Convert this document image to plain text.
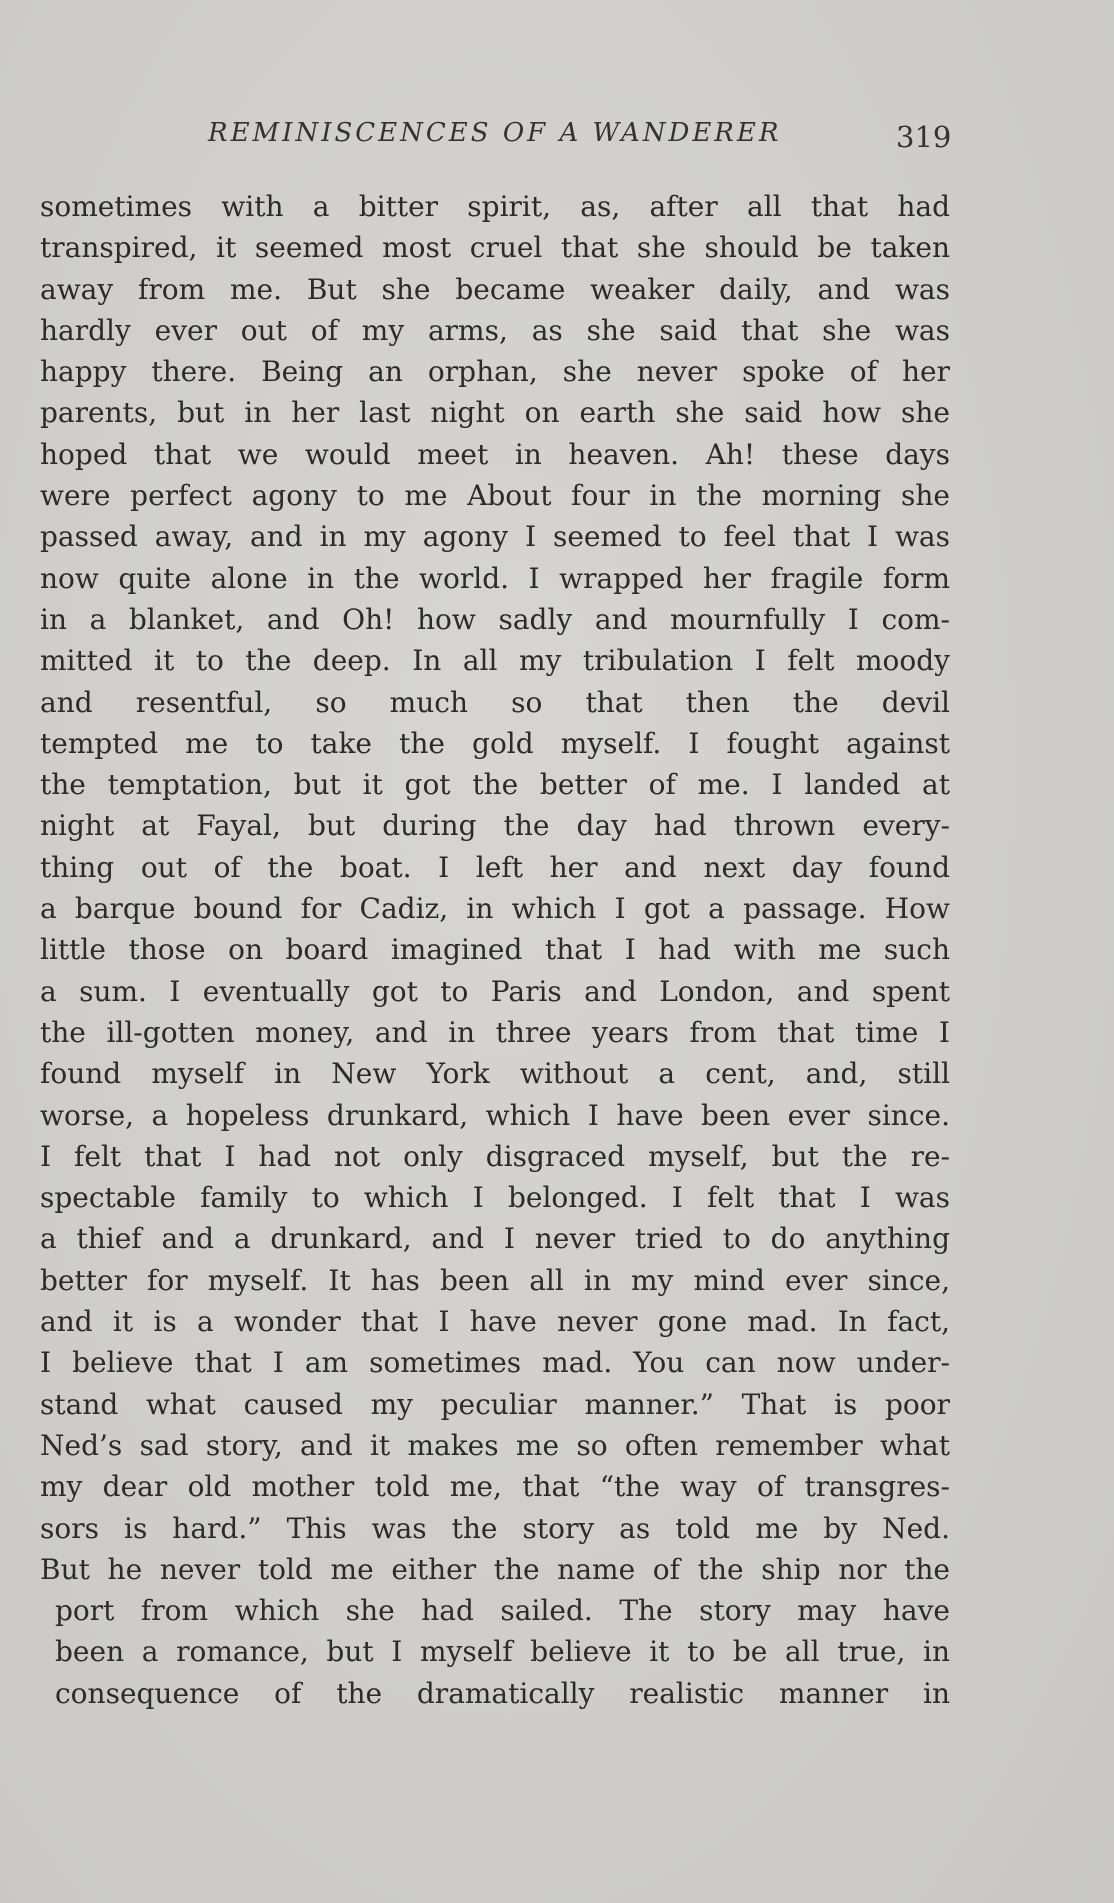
REMINISCENCES OF A WANDERER	319
sometimes with a bitter spirit, as, after all that had
transpired, it seemed most cruel that she should be taken
away from me. But she became weaker daily, and was
hardly ever out of my arms, as she said that she was
happy there. Being an orphan, she never spoke of her
parents, but in her last night on earth she said how she
hoped that we would meet in heaven. Ah! these days
were perfect agony to me About four in the morning she
passed away, and in my agony I seemed to feel that I was
now quite alone in the world. I wrapped her fragile form
in a blanket, and Oh! how sadly and mournfully I com-
mitted it to the deep. In all my tribulation I felt moody
and resentful, so much so that then the devil
tempted me to take the gold myself. I fought against
the temptation, but it got the better of me. I landed at
night at Fayal, but during the day had thrown every-
thing out of the boat. I left her and next day found
a barque bound for Cadiz, in which I got a passage. How
little those on board imagined that I had with me such
a sum. I eventually got to Paris and London, and spent
the ill-gotten money, and in three years from that time I
found myself in New York without a cent, and, still
worse, a hopeless drunkard, which I have been ever since.
I felt that I had not only disgraced myself, but the re-
spectable family to which I belonged. I felt that I was
a thief and a drunkard, and I never tried to do anything
better for myself. It has been all in my mind ever since,
and it is a wonder that I have never gone mad. In fact,
I believe that I am sometimes mad. You can now under-
stand what caused my peculiar manner.” That is poor
Ned’s sad story, and it makes me so often remember what
my dear old mother told me, that “the way of transgres-
sors is hard.” This was the story as told me by Ned.
But he never told me either the name of the ship nor the
port from which she had sailed. The story may have
been a romance, but I myself believe it to be all true, in
consequence of the dramatically realistic manner in
